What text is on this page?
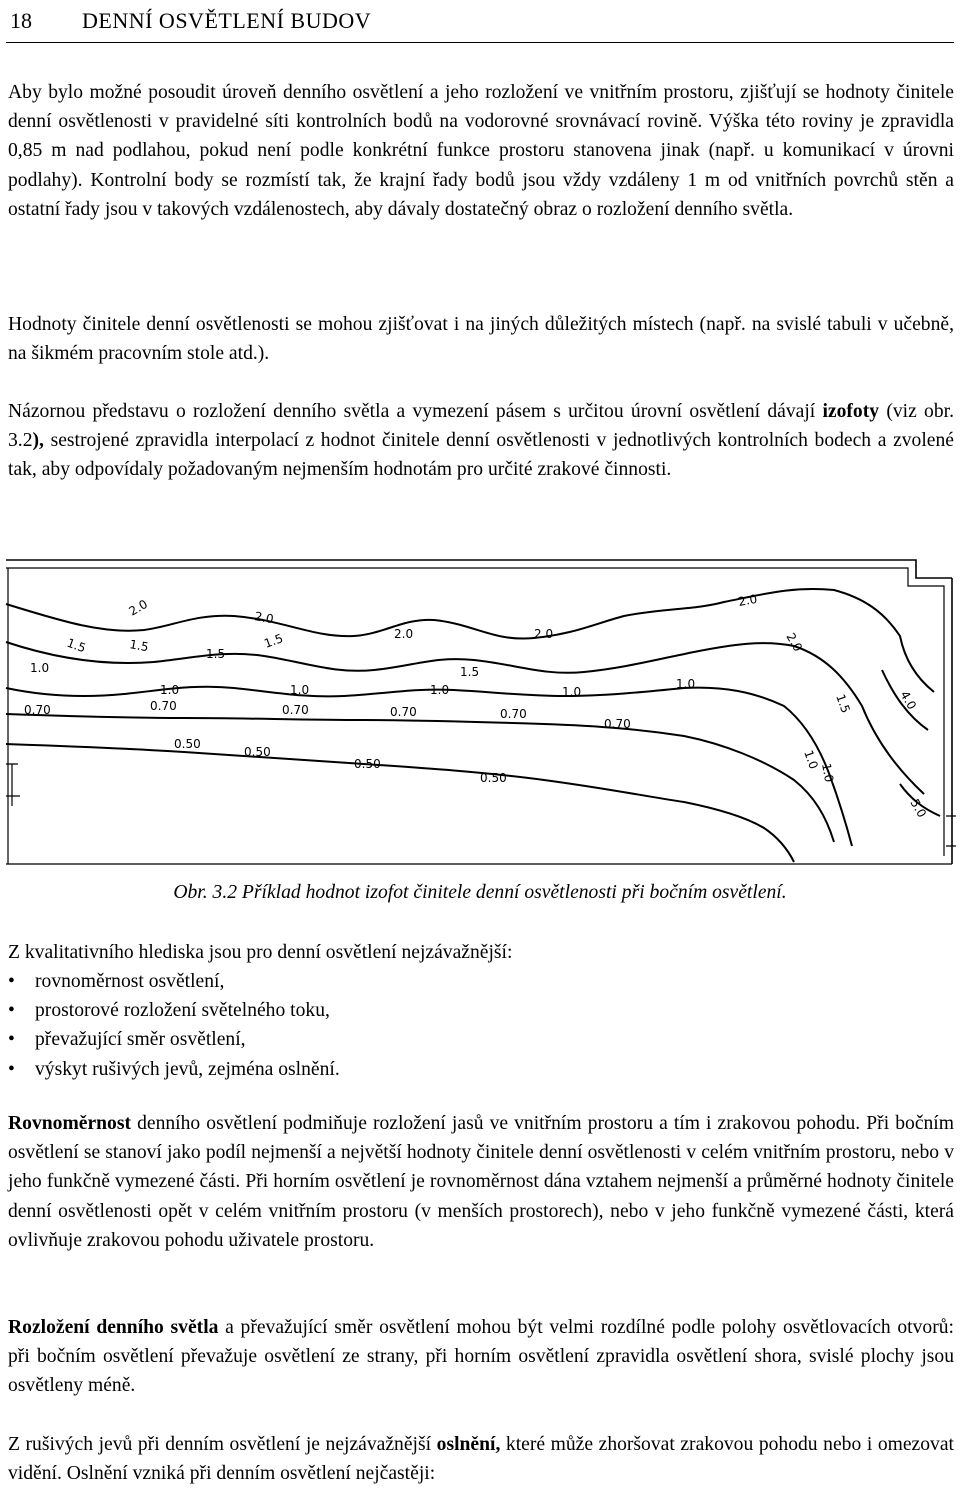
18 DENNÍ OSVĚTLENÍ BUDOV

Aby bylo možné posoudit úroveň denního osvětlení a jeho rozložení ve vnitřním prostoru, zjišťují se hodnoty činitele denní osvětlenosti v pravidelné síti kontrolních bodů na vodorovné srovnávací rovině. Výška této roviny je zpravidla 0,85 m nad podlahou, pokud není podle konkrétní funkce prostoru stanovena jinak (např. u komunikací v úrovni podlahy). Kontrolní body se rozmístí tak, že krajní řady bodů jsou vždy vzdáleny 1 m od vnitřních povrchů stěn a ostatní řady jsou v takových vzdálenostech, aby dávaly dostatečný obraz o rozložení denního světla.

Hodnoty činitele denní osvětlenosti se mohou zjišťovat i na jiných důležitých místech (např. na svislé tabuli v učebně, na šikmém pracovním stole atd.).

Názornou představu o rozložení denního světla a vymezení pásem s určitou úrovní osvětlení dávají izofoty (viz obr. 3.2), sestrojené zpravidla interpolací z hodnot činitele denní osvětlenosti v jednotlivých kontrolních bodech a zvolené tak, aby odpovídaly požadovaným nejmenším hodnotám pro určité zrakové činnosti.

2.0	2.0
2.0	2.0
2.0
2.0
1.5	1.5	1.5
1.5
1.5
1.5
1.0
1.0	1.0	1.0	1.0
1.0
1.0
1.0
0.70	0.70	0.70	0.70	0.70
0.70
0.50
0.50
0.50
0.50
4.0
5.0
Obr. 3.2 Příklad hodnot izofot činitele denní osvětlenosti při bočním osvětlení.
Z kvalitativního hlediska jsou pro denní osvětlení nejzávažnější:
• rovnoměrnost osvětlení,
• prostorové rozložení světelného toku,
• převažující směr osvětlení,
• výskyt rušivých jevů, zejména oslnění.

Rovnoměrnost denního osvětlení podmiňuje rozložení jasů ve vnitřním prostoru a tím i zrakovou pohodu. Při bočním osvětlení se stanoví jako podíl nejmenší a největší hodnoty činitele denní osvětlenosti v celém vnitřním prostoru, nebo v jeho funkčně vymezené části. Při horním osvětlení je rovnoměrnost dána vztahem nejmenší a průměrné hodnoty činitele denní osvětlenosti opět v celém vnitřním prostoru (v menších prostorech), nebo v jeho funkčně vymezené části, která ovlivňuje zrakovou pohodu uživatele prostoru.

Rozložení denního světla a převažující směr osvětlení mohou být velmi rozdílné podle polohy osvětlovacích otvorů: při bočním osvětlení převažuje osvětlení ze strany, při horním osvětlení zpravidla osvětlení shora, svislé plochy jsou osvětleny méně.

Z rušivých jevů při denním osvětlení je nejzávažnější oslnění, které může zhoršovat zrakovou pohodu nebo i omezovat vidění. Oslnění vzniká při denním osvětlení nejčastěji:
